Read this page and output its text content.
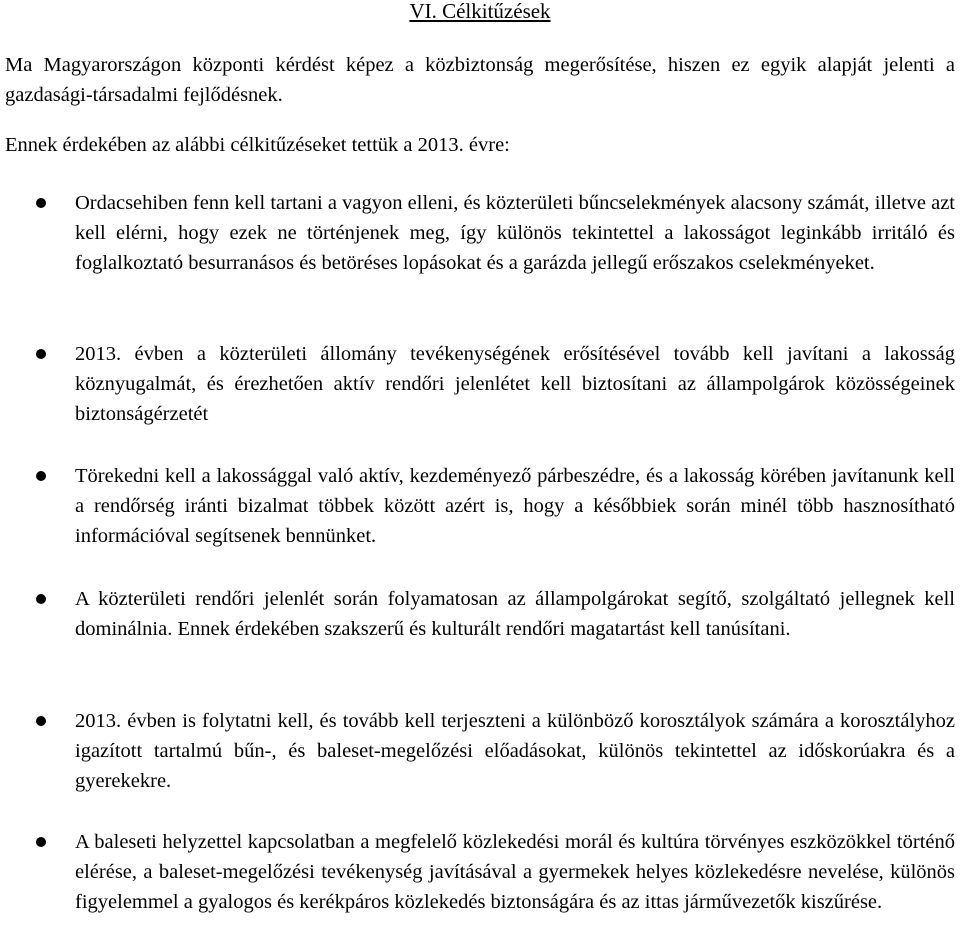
VI. Célkitűzések

Ma Magyarországon központi kérdést képez a közbiztonság megerősítése, hiszen ez egyik alapját jelenti a gazdasági-társadalmi fejlődésnek.

Ennek érdekében az alábbi célkitűzéseket tettük a 2013. évre:

Ordacsehiben fenn kell tartani a vagyon elleni, és közterületi bűncselekmények alacsony számát, illetve azt kell elérni, hogy ezek ne történjenek meg, így különös tekintettel a lakosságot leginkább irritáló és foglalkoztató besurranásos és betöréses lopásokat és a garázda jellegű erőszakos cselekményeket.

2013. évben a közterületi állomány tevékenységének erősítésével tovább kell javítani a lakosság köznyugalmát, és érezhetően aktív rendőri jelenlétet kell biztosítani az állampolgárok közösségeinek biztonságérzetét

Törekedni kell a lakossággal való aktív, kezdeményező párbeszédre, és a lakosság körében javítanunk kell a rendőrség iránti bizalmat többek között azért is, hogy a későbbiek során minél több hasznosítható információval segítsenek bennünket.

A közterületi rendőri jelenlét során folyamatosan az állampolgárokat segítő, szolgáltató jellegnek kell dominálnia. Ennek érdekében szakszerű és kulturált rendőri magatartást kell tanúsítani.

2013. évben is folytatni kell, és tovább kell terjeszteni a különböző korosztályok számára a korosztályhoz igazított tartalmú bűn-, és baleset-megelőzési előadásokat, különös tekintettel az időskorúakra és a gyerekekre.

A baleseti helyzettel kapcsolatban a megfelelő közlekedési morál és kultúra törvényes eszközökkel történő elérése, a baleset-megelőzési tevékenység javításával a gyermekek helyes közlekedésre nevelése, különös figyelemmel a gyalogos és kerékpáros közlekedés biztonságára és az ittas járművezetők kiszűrése.
